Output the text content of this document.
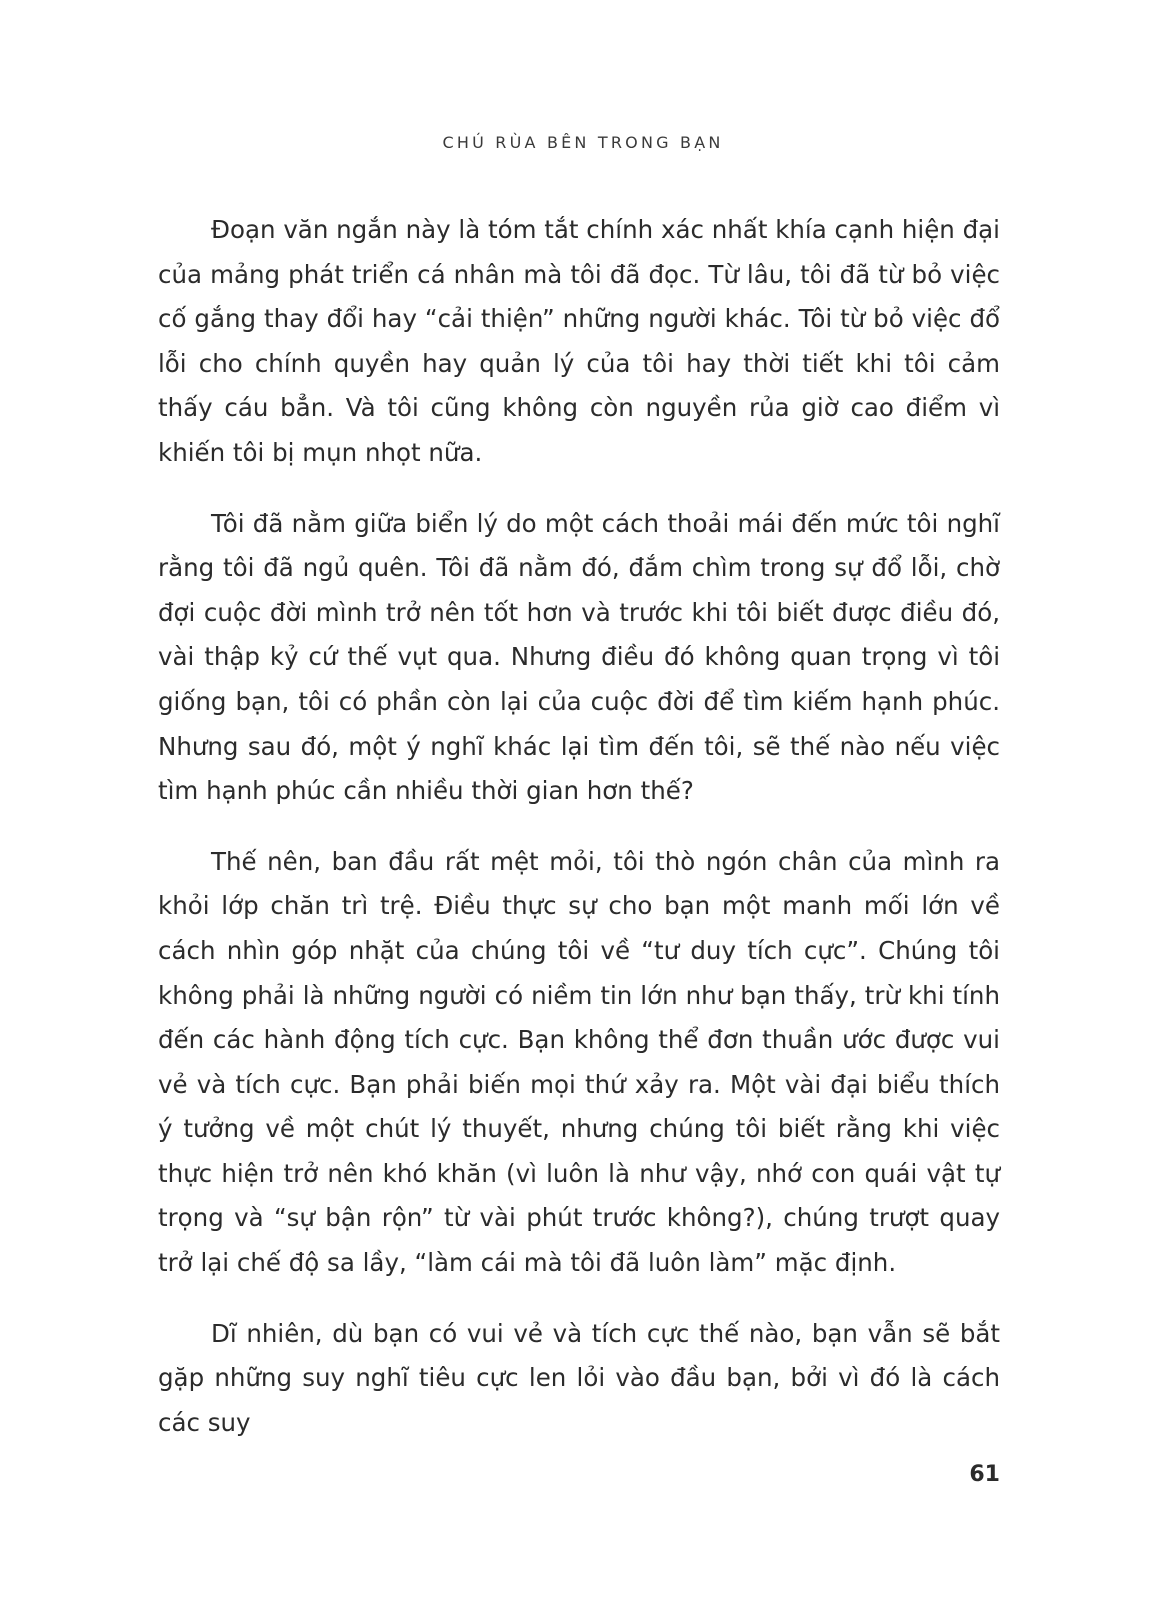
CHÚ RÙA BÊN TRONG BẠN

Đoạn văn ngắn này là tóm tắt chính xác nhất khía cạnh hiện đại của mảng phát triển cá nhân mà tôi đã đọc. Từ lâu, tôi đã từ bỏ việc cố gắng thay đổi hay “cải thiện” những người khác. Tôi từ bỏ việc đổ lỗi cho chính quyền hay quản lý của tôi hay thời tiết khi tôi cảm thấy cáu bẳn. Và tôi cũng không còn nguyền rủa giờ cao điểm vì khiến tôi bị mụn nhọt nữa.

Tôi đã nằm giữa biển lý do một cách thoải mái đến mức tôi nghĩ rằng tôi đã ngủ quên. Tôi đã nằm đó, đắm chìm trong sự đổ lỗi, chờ đợi cuộc đời mình trở nên tốt hơn và trước khi tôi biết được điều đó, vài thập kỷ cứ thế vụt qua. Nhưng điều đó không quan trọng vì tôi giống bạn, tôi có phần còn lại của cuộc đời để tìm kiếm hạnh phúc. Nhưng sau đó, một ý nghĩ khác lại tìm đến tôi, sẽ thế nào nếu việc tìm hạnh phúc cần nhiều thời gian hơn thế?

Thế nên, ban đầu rất mệt mỏi, tôi thò ngón chân của mình ra khỏi lớp chăn trì trệ. Điều thực sự cho bạn một manh mối lớn về cách nhìn góp nhặt của chúng tôi về “tư duy tích cực”. Chúng tôi không phải là những người có niềm tin lớn như bạn thấy, trừ khi tính đến các hành động tích cực. Bạn không thể đơn thuần ước được vui vẻ và tích cực. Bạn phải biến mọi thứ xảy ra. Một vài đại biểu thích ý tưởng về một chút lý thuyết, nhưng chúng tôi biết rằng khi việc thực hiện trở nên khó khăn (vì luôn là như vậy, nhớ con quái vật tự trọng và “sự bận rộn” từ vài phút trước không?), chúng trượt quay trở lại chế độ sa lầy, “làm cái mà tôi đã luôn làm” mặc định.

Dĩ nhiên, dù bạn có vui vẻ và tích cực thế nào, bạn vẫn sẽ bắt gặp những suy nghĩ tiêu cực len lỏi vào đầu bạn, bởi vì đó là cách các suy

61
